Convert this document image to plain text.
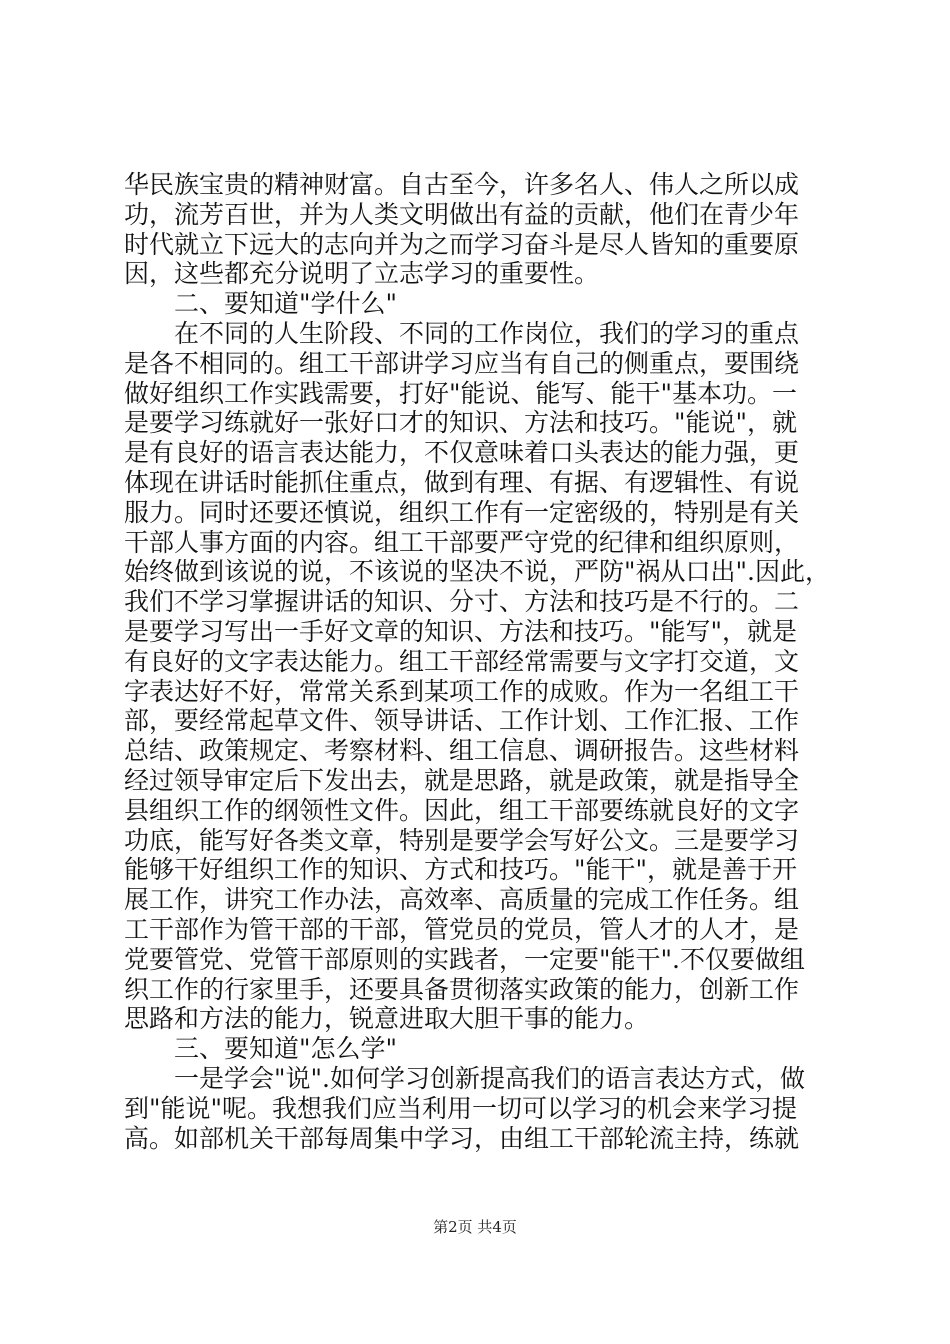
华民族宝贵的精神财富。自古至今，许多名人、伟人之所以成
功，流芳百世，并为人类文明做出有益的贡献，他们在青少年
时代就立下远大的志向并为之而学习奋斗是尽人皆知的重要原
因，这些都充分说明了立志学习的重要性。
二、要知道"学什么"
在不同的人生阶段、不同的工作岗位，我们的学习的重点
是各不相同的。组工干部讲学习应当有自己的侧重点，要围绕
做好组织工作实践需要，打好"能说、能写、能干"基本功。一
是要学习练就好一张好口才的知识、方法和技巧。"能说"，就
是有良好的语言表达能力，不仅意味着口头表达的能力强，更
体现在讲话时能抓住重点，做到有理、有据、有逻辑性、有说
服力。同时还要还慎说，组织工作有一定密级的，特别是有关
干部人事方面的内容。组工干部要严守党的纪律和组织原则，
始终做到该说的说，不该说的坚决不说，严防"祸从口出".因此，
我们不学习掌握讲话的知识、分寸、方法和技巧是不行的。二
是要学习写出一手好文章的知识、方法和技巧。"能写"，就是
有良好的文字表达能力。组工干部经常需要与文字打交道，文
字表达好不好，常常关系到某项工作的成败。作为一名组工干
部，要经常起草文件、领导讲话、工作计划、工作汇报、工作
总结、政策规定、考察材料、组工信息、调研报告。这些材料
经过领导审定后下发出去，就是思路，就是政策，就是指导全
县组织工作的纲领性文件。因此，组工干部要练就良好的文字
功底，能写好各类文章，特别是要学会写好公文。三是要学习
能够干好组织工作的知识、方式和技巧。"能干"，就是善于开
展工作，讲究工作办法，高效率、高质量的完成工作任务。组
工干部作为管干部的干部，管党员的党员，管人才的人才，是
党要管党、党管干部原则的实践者，一定要"能干".不仅要做组
织工作的行家里手，还要具备贯彻落实政策的能力，创新工作
思路和方法的能力，锐意进取大胆干事的能力。
三、要知道"怎么学"
一是学会"说".如何学习创新提高我们的语言表达方式，做
到"能说"呢。我想我们应当利用一切可以学习的机会来学习提
高。如部机关干部每周集中学习，由组工干部轮流主持，练就
第2页 共4页
